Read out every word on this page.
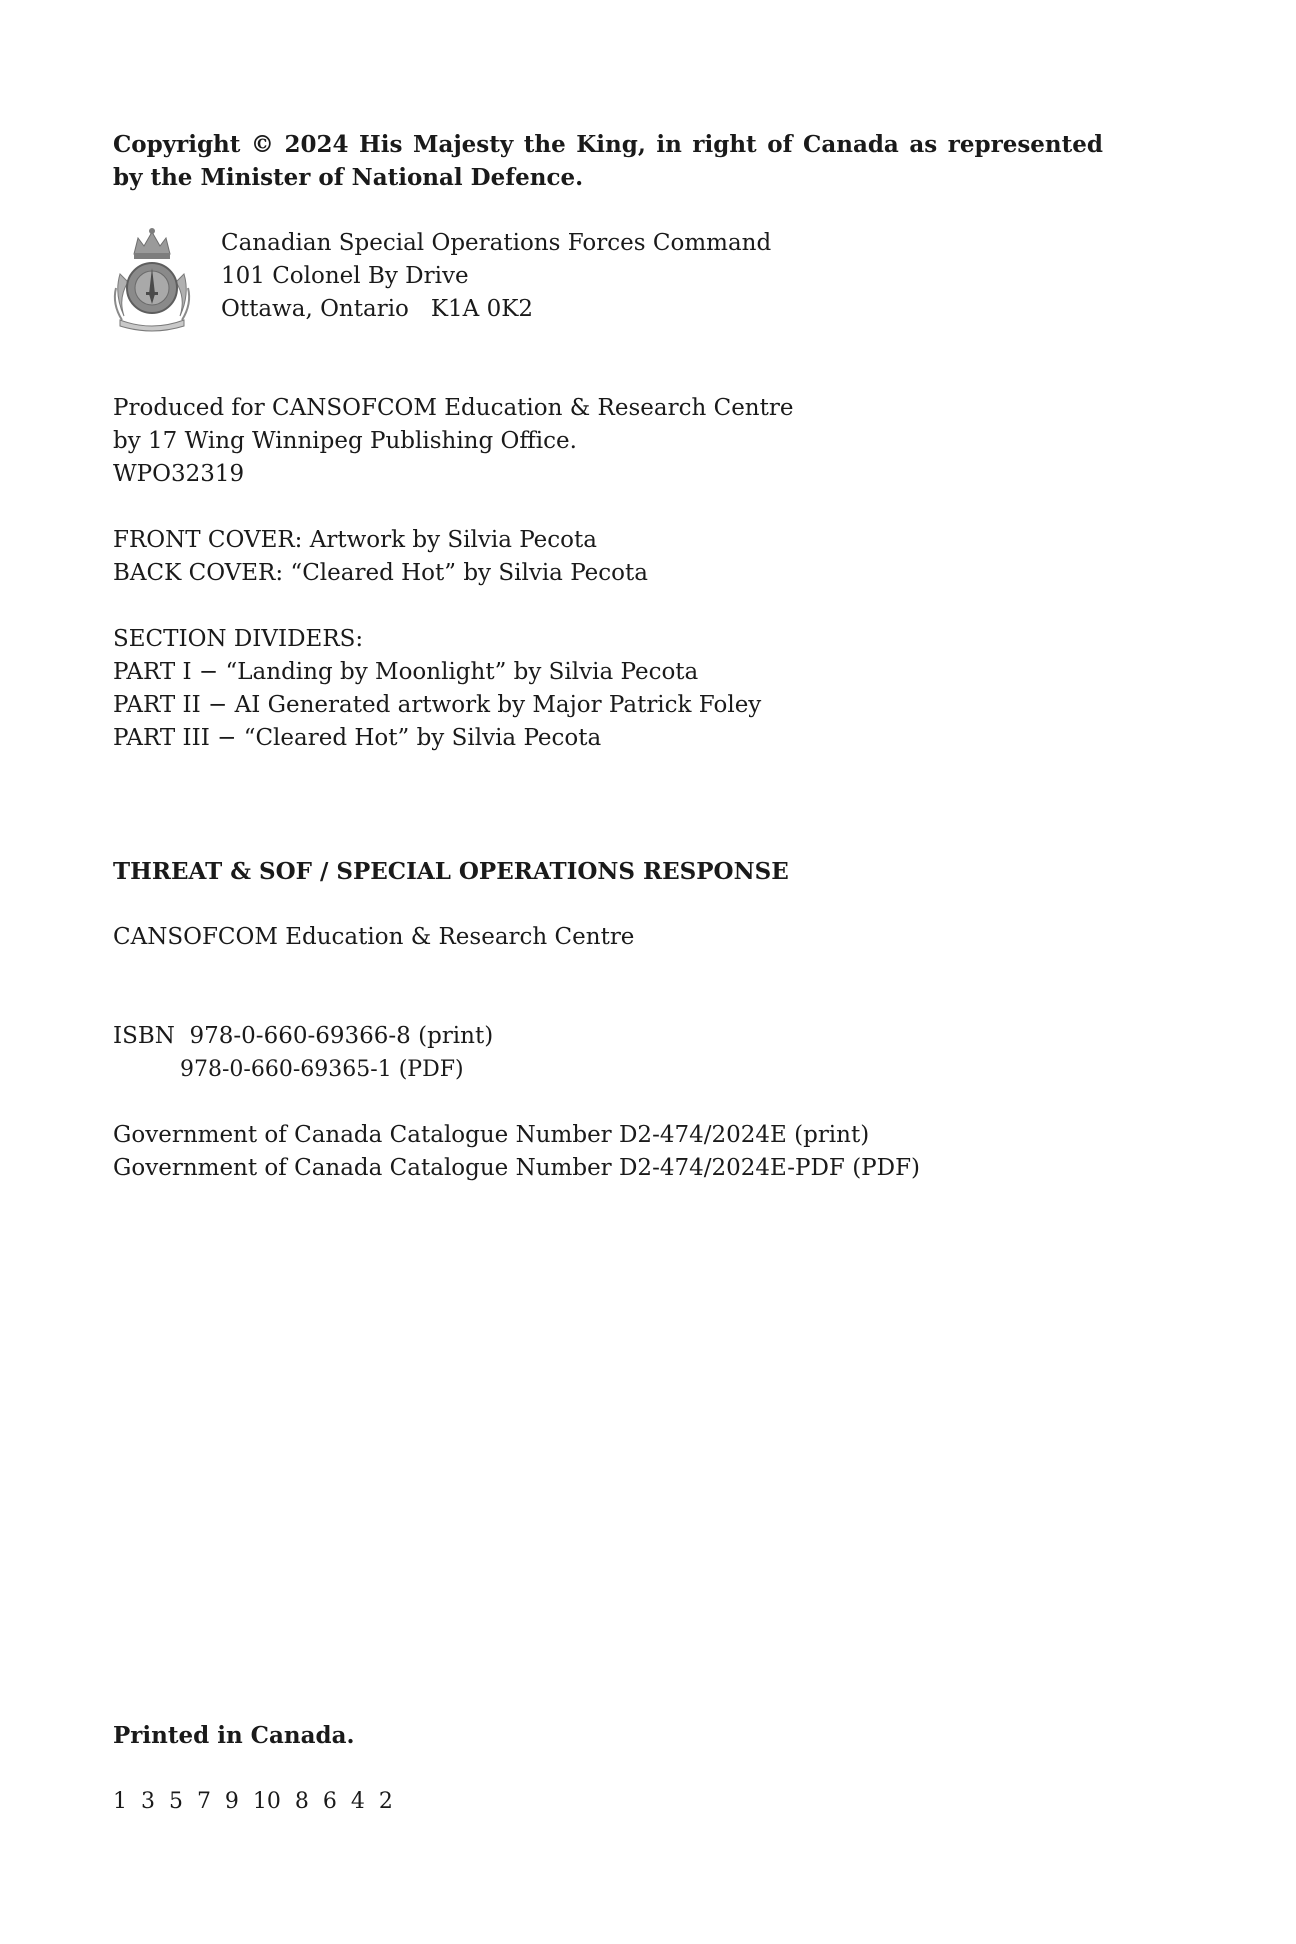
Copyright © 2024 His Majesty the King, in right of Canada as represented by the Minister of National Defence.

Canadian Special Operations Forces Command

101 Colonel By Drive

Ottawa, Ontario   K1A 0K2

Produced for CANSOFCOM Education & Research Centre

by 17 Wing Winnipeg Publishing Office.

WPO32319

FRONT COVER: Artwork by Silvia Pecota

BACK COVER: “Cleared Hot” by Silvia Pecota

SECTION DIVIDERS:

PART I − “Landing by Moonlight” by Silvia Pecota

PART II − AI Generated artwork by Major Patrick Foley

PART III − “Cleared Hot” by Silvia Pecota

THREAT & SOF / SPECIAL OPERATIONS RESPONSE

CANSOFCOM Education & Research Centre

ISBN  978-0-660-69366-8 (print)

978-0-660-69365-1 (PDF)

Government of Canada Catalogue Number D2-474/2024E (print)

Government of Canada Catalogue Number D2-474/2024E-PDF (PDF)

Printed in Canada.

1  3  5  7  9  10  8  6  4  2
